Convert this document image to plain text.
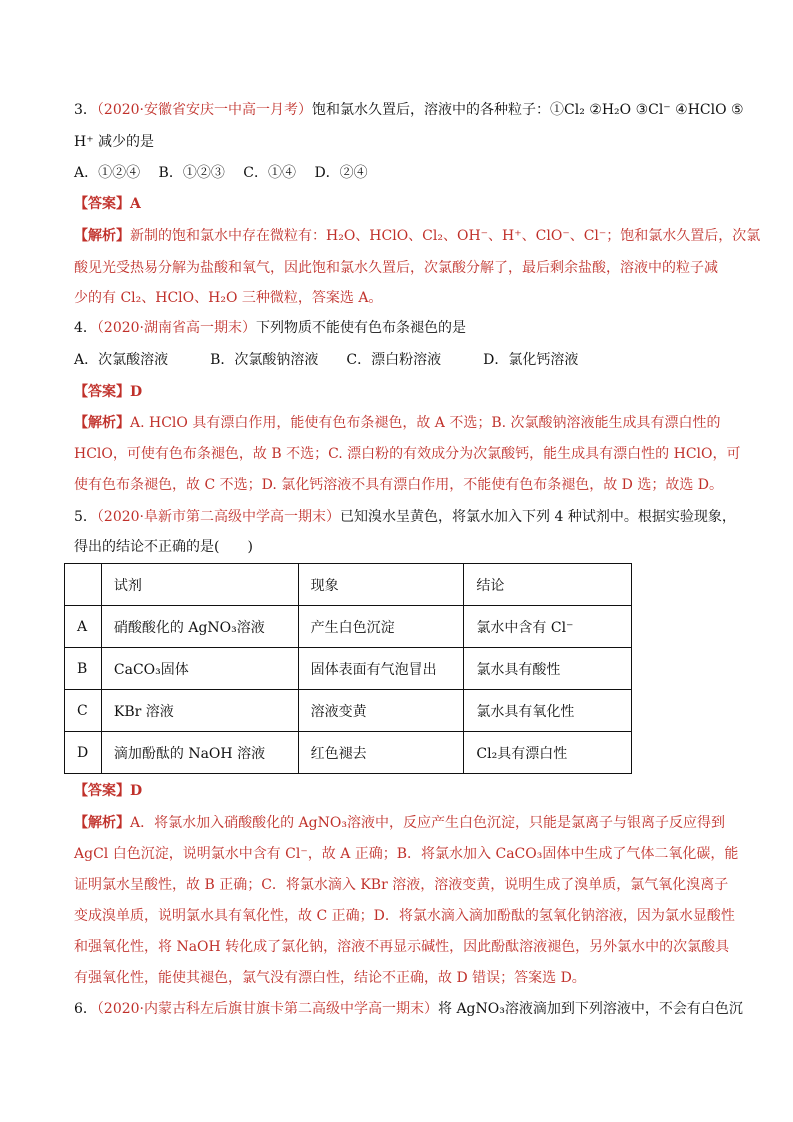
3．（2020·安徽省安庆一中高一月考）饱和氯水久置后，溶液中的各种粒子：①Cl₂ ②H₂O ③Cl⁻ ④HClO ⑤
H⁺ 减少的是
A．①②④　 B．①②③　 C．①④　 D．②④
【答案】A
【解析】新制的饱和氯水中存在微粒有：H₂O、HClO、Cl₂、OH⁻、H⁺、ClO⁻、Cl⁻；饱和氯水久置后，次氯
酸见光受热易分解为盐酸和氧气，因此饱和氯水久置后，次氯酸分解了，最后剩余盐酸，溶液中的粒子减
少的有 Cl₂、HClO、H₂O 三种微粒，答案选 A。
4．（2020·湖南省高一期末）下列物质不能使有色布条褪色的是
A．次氯酸溶液　　　B．次氯酸钠溶液　　C．漂白粉溶液　　　D．氯化钙溶液
【答案】D
【解析】A. HClO 具有漂白作用，能使有色布条褪色，故 A 不选；B. 次氯酸钠溶液能生成具有漂白性的
HClO，可使有色布条褪色，故 B 不选；C. 漂白粉的有效成分为次氯酸钙，能生成具有漂白性的 HClO，可
使有色布条褪色，故 C 不选；D. 氯化钙溶液不具有漂白作用，不能使有色布条褪色，故 D 选；故选 D。
5．（2020·阜新市第二高级中学高一期末）已知溴水呈黄色，将氯水加入下列 4 种试剂中。根据实验现象，
得出的结论不正确的是(　　)
	试剂	现象	结论
A	硝酸酸化的 AgNO₃溶液	产生白色沉淀	氯水中含有 Cl⁻
B	CaCO₃固体	固体表面有气泡冒出	氯水具有酸性
C	KBr 溶液	溶液变黄	氯水具有氧化性
D	滴加酚酞的 NaOH 溶液	红色褪去	Cl₂具有漂白性
【答案】D
【解析】A．将氯水加入硝酸酸化的 AgNO₃溶液中，反应产生白色沉淀，只能是氯离子与银离子反应得到
AgCl 白色沉淀，说明氯水中含有 Cl⁻，故 A 正确；B．将氯水加入 CaCO₃固体中生成了气体二氧化碳，能
证明氯水呈酸性，故 B 正确；C．将氯水滴入 KBr 溶液，溶液变黄，说明生成了溴单质，氯气氧化溴离子
变成溴单质，说明氯水具有氧化性，故 C 正确；D．将氯水滴入滴加酚酞的氢氧化钠溶液，因为氯水显酸性
和强氧化性，将 NaOH 转化成了氯化钠，溶液不再显示碱性，因此酚酞溶液褪色，另外氯水中的次氯酸具
有强氧化性，能使其褪色，氯气没有漂白性，结论不正确，故 D 错误；答案选 D。
6．（2020·内蒙古科左后旗甘旗卡第二高级中学高一期末）将 AgNO₃溶液滴加到下列溶液中，不会有白色沉
